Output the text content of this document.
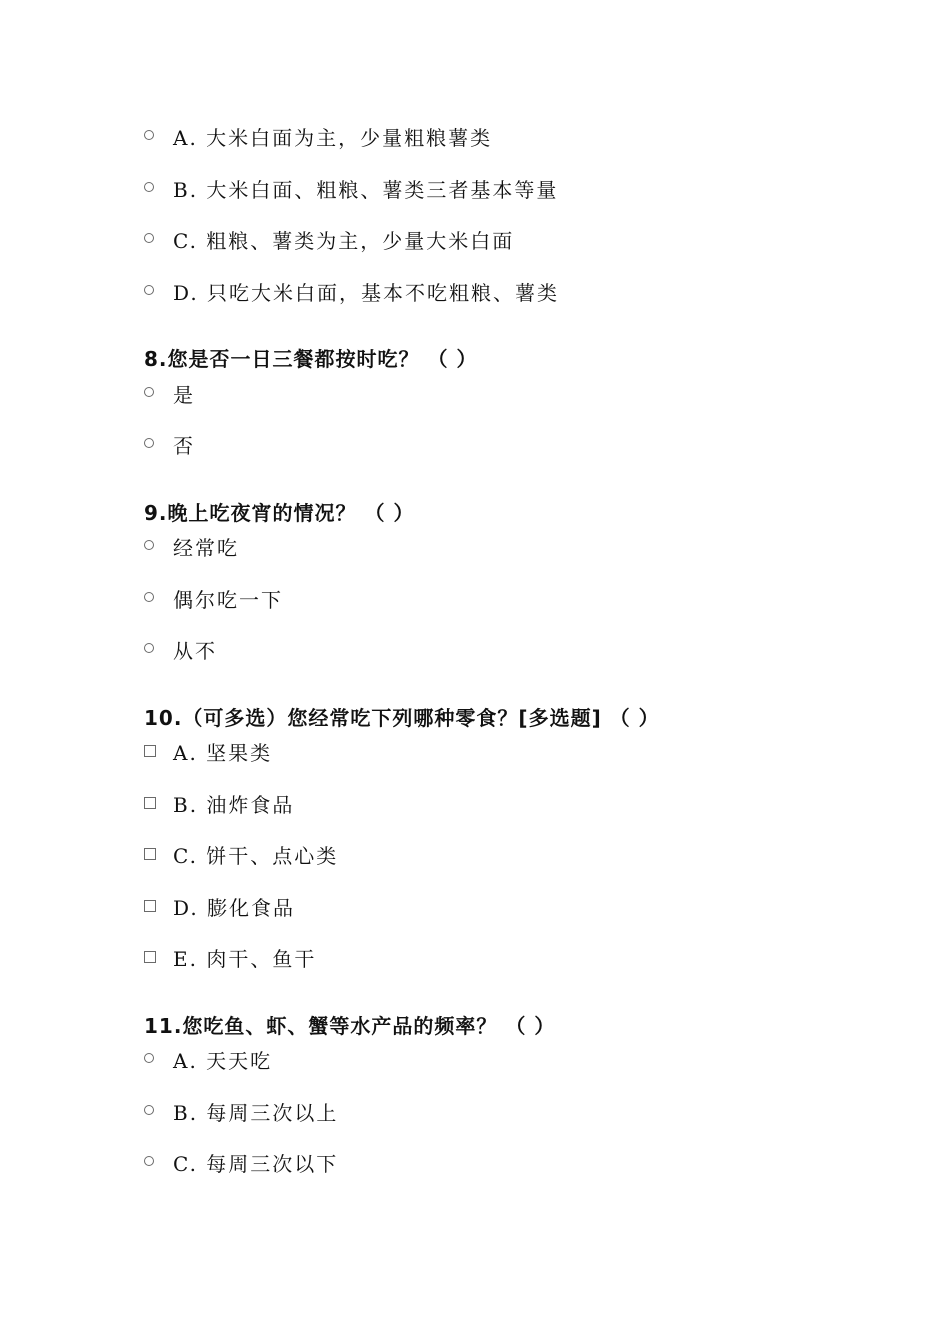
A. 大米白面为主，少量粗粮薯类
B. 大米白面、粗粮、薯类三者基本等量
C. 粗粮、薯类为主，少量大米白面
D. 只吃大米白面，基本不吃粗粮、薯类
8.您是否一日三餐都按时吃？ （ ）
是
否
9.晚上吃夜宵的情况？ （ ）
经常吃
偶尔吃一下
从不
10.（可多选）您经常吃下列哪种零食？[多选题] （ ）
A. 坚果类
B. 油炸食品
C. 饼干、点心类
D. 膨化食品
E. 肉干、鱼干
11.您吃鱼、虾、蟹等水产品的频率？ （ ）
A. 天天吃
B. 每周三次以上
C. 每周三次以下
